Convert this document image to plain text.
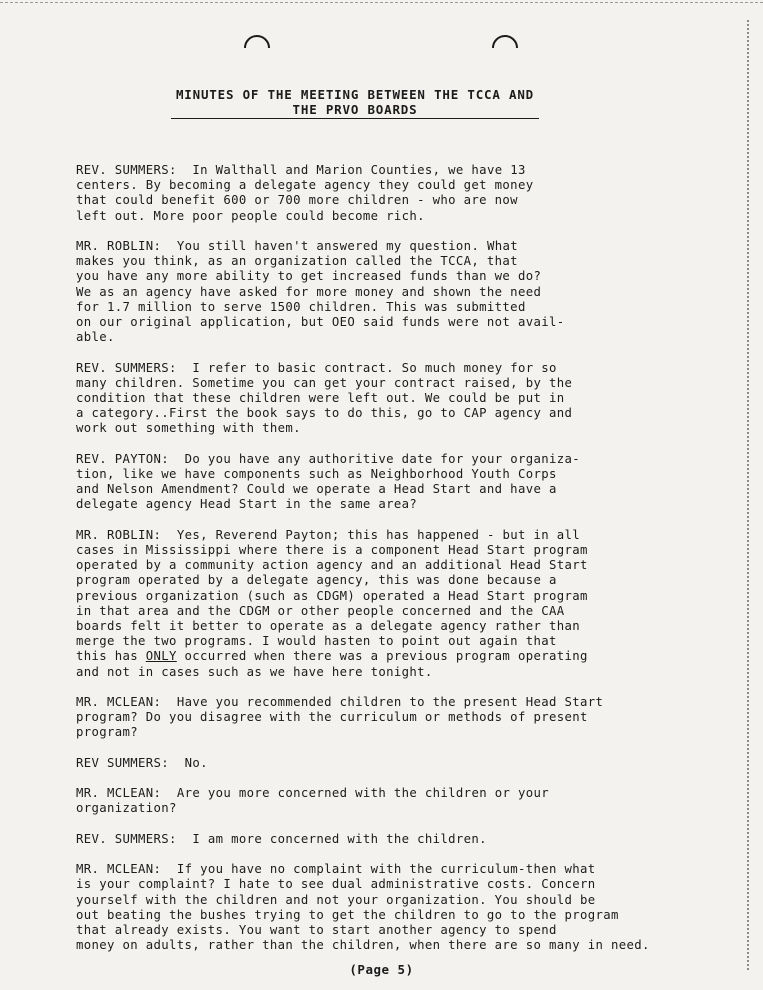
MINUTES OF THE MEETING BETWEEN THE TCCA AND
THE PRVO BOARDS
REV. SUMMERS: In Walthall and Marion Counties, we have 13
centers. By becoming a delegate agency they could get money
that could benefit 600 or 700 more children - who are now
left out. More poor people could become rich.
MR. ROBLIN: You still haven't answered my question. What
makes you think, as an organization called the TCCA, that
you have any more ability to get increased funds than we do?
We as an agency have asked for more money and shown the need
for 1.7 million to serve 1500 children. This was submitted
on our original application, but OEO said funds were not avail-
able.
REV. SUMMERS: I refer to basic contract. So much money for so
many children. Sometime you can get your contract raised, by the
condition that these children were left out. We could be put in
a category..First the book says to do this, go to CAP agency and
work out something with them.
REV. PAYTON: Do you have any authoritive date for your organiza-
tion, like we have components such as Neighborhood Youth Corps
and Nelson Amendment? Could we operate a Head Start and have a
delegate agency Head Start in the same area?
MR. ROBLIN: Yes, Reverend Payton; this has happened - but in all
cases in Mississippi where there is a component Head Start program
operated by a community action agency and an additional Head Start
program operated by a delegate agency, this was done because a
previous organization (such as CDGM) operated a Head Start program
in that area and the CDGM or other people concerned and the CAA
boards felt it better to operate as a delegate agency rather than
merge the two programs. I would hasten to point out again that
this has ONLY occurred when there was a previous program operating
and not in cases such as we have here tonight.
MR. MCLEAN: Have you recommended children to the present Head Start
program? Do you disagree with the curriculum or methods of present
program?
REV SUMMERS: No.
MR. MCLEAN: Are you more concerned with the children or your
organization?
REV. SUMMERS: I am more concerned with the children.
MR. MCLEAN: If you have no complaint with the curriculum-then what
is your complaint? I hate to see dual administrative costs. Concern
yourself with the children and not your organization. You should be
out beating the bushes trying to get the children to go to the program
that already exists. You want to start another agency to spend
money on adults, rather than the children, when there are so many in need.
(Page 5)
